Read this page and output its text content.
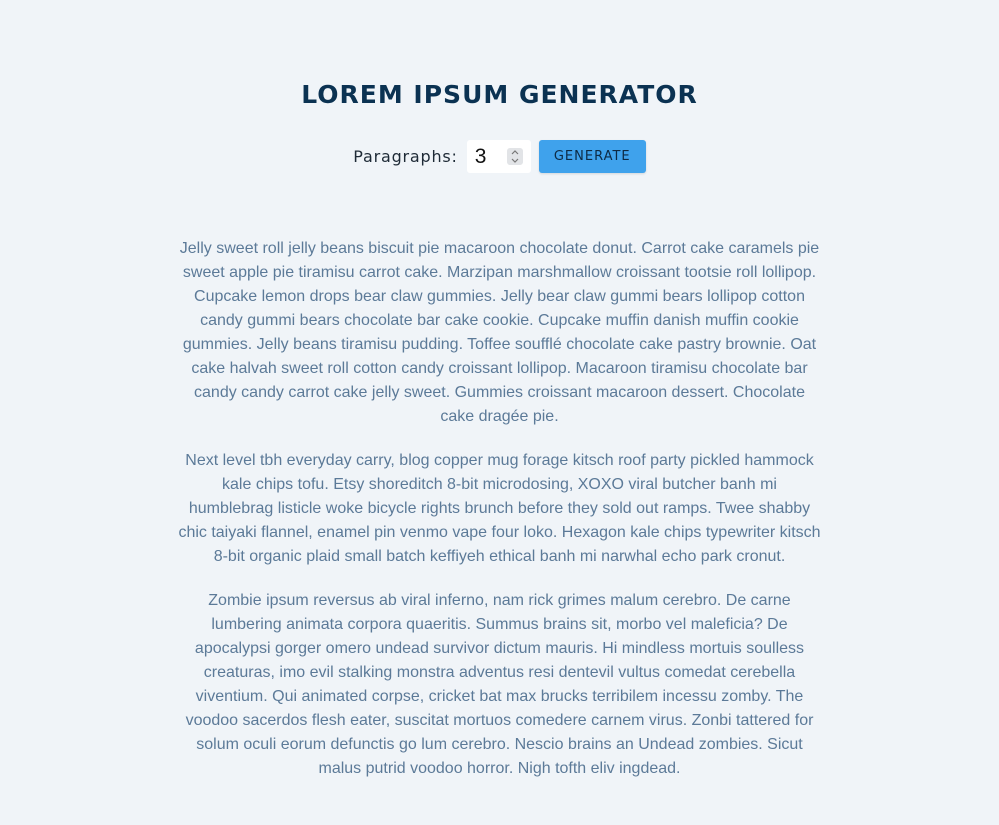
LOREM IPSUM GENERATOR
Paragraphs: 3	GENERATE

Jelly sweet roll jelly beans biscuit pie macaroon chocolate donut. Carrot cake caramels pie sweet apple pie tiramisu carrot cake. Marzipan marshmallow croissant tootsie roll lollipop. Cupcake lemon drops bear claw gummies. Jelly bear claw gummi bears lollipop cotton candy gummi bears chocolate bar cake cookie. Cupcake muffin danish muffin cookie gummies. Jelly beans tiramisu pudding. Toffee soufflé chocolate cake pastry brownie. Oat cake halvah sweet roll cotton candy croissant lollipop. Macaroon tiramisu chocolate bar candy candy carrot cake jelly sweet. Gummies croissant macaroon dessert. Chocolate cake dragée pie.

Next level tbh everyday carry, blog copper mug forage kitsch roof party pickled hammock kale chips tofu. Etsy shoreditch 8-bit microdosing, XOXO viral butcher banh mi humblebrag listicle woke bicycle rights brunch before they sold out ramps. Twee shabby chic taiyaki flannel, enamel pin venmo vape four loko. Hexagon kale chips typewriter kitsch 8-bit organic plaid small batch keffiyeh ethical banh mi narwhal echo park cronut.

Zombie ipsum reversus ab viral inferno, nam rick grimes malum cerebro. De carne lumbering animata corpora quaeritis. Summus brains sit, morbo vel maleficia? De apocalypsi gorger omero undead survivor dictum mauris. Hi mindless mortuis soulless creaturas, imo evil stalking monstra adventus resi dentevil vultus comedat cerebella viventium. Qui animated corpse, cricket bat max brucks terribilem incessu zomby. The voodoo sacerdos flesh eater, suscitat mortuos comedere carnem virus. Zonbi tattered for solum oculi eorum defunctis go lum cerebro. Nescio brains an Undead zombies. Sicut malus putrid voodoo horror. Nigh tofth eliv ingdead.
